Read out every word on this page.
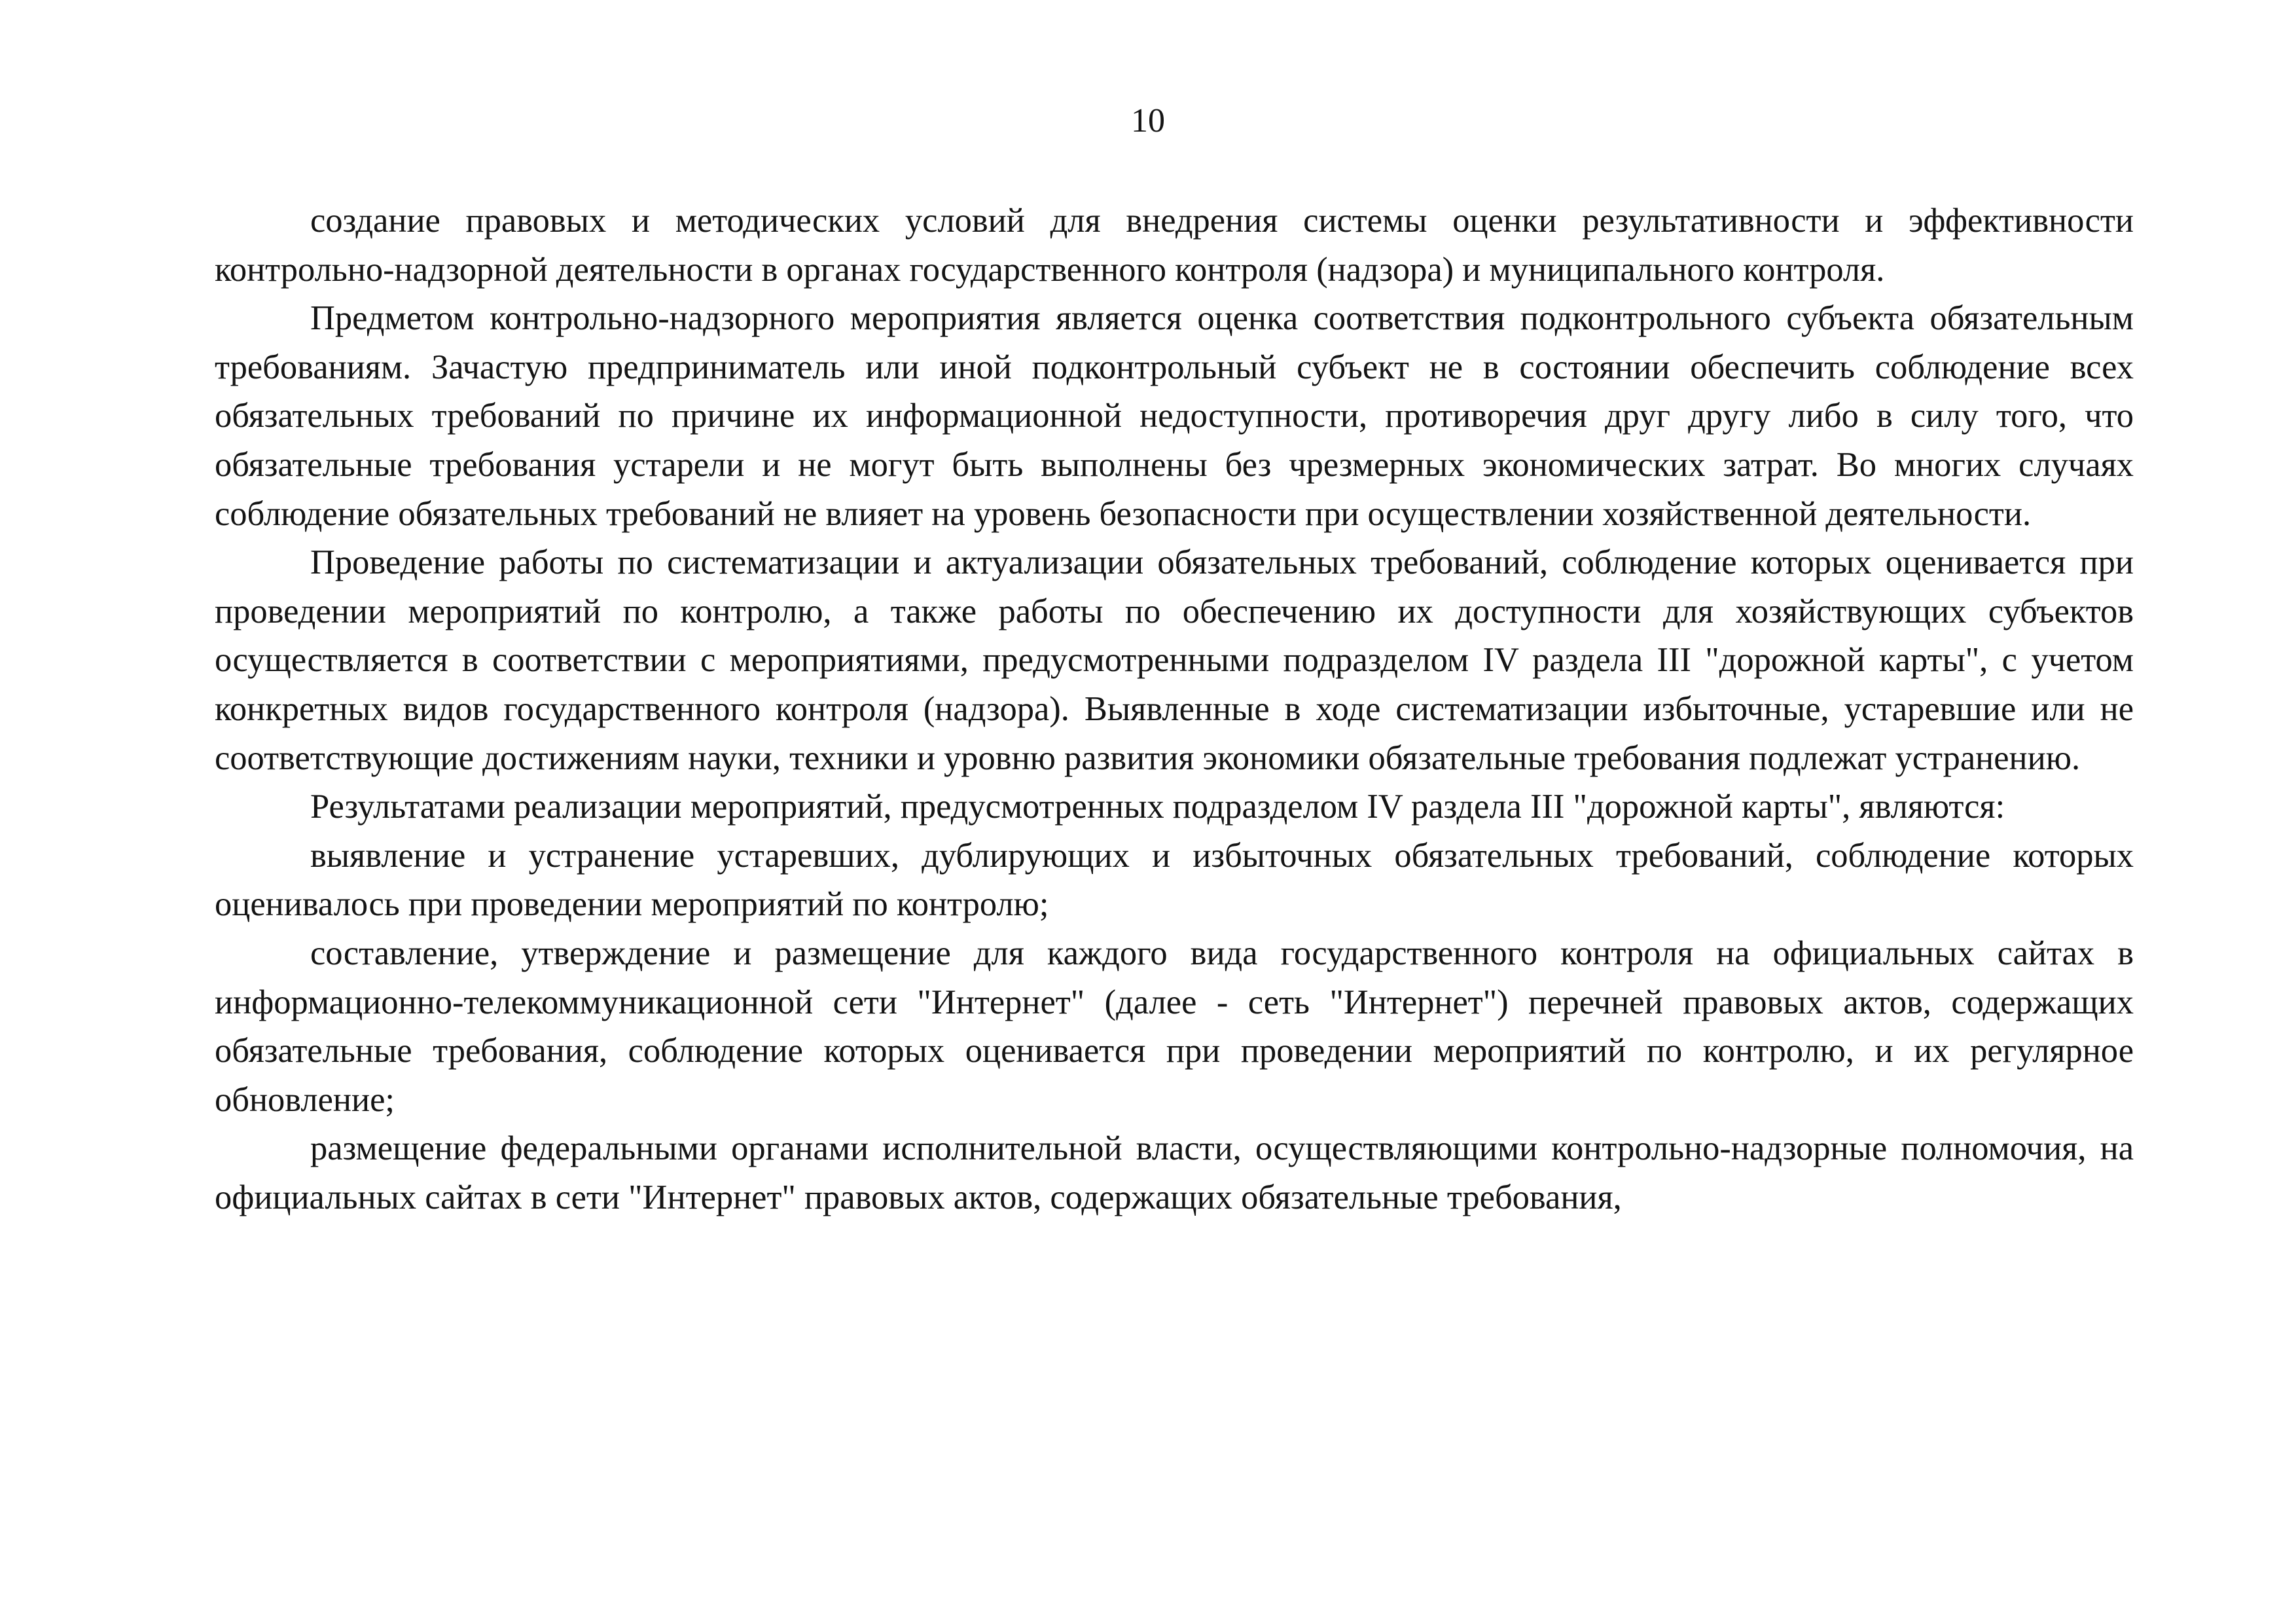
10

создание правовых и методических условий для внедрения системы оценки результативности и эффективности контрольно-надзорной деятельности в органах государственного контроля (надзора) и муниципального контроля.

Предметом контрольно-надзорного мероприятия является оценка соответствия подконтрольного субъекта обязательным требованиям. Зачастую предприниматель или иной подконтрольный субъект не в состоянии обеспечить соблюдение всех обязательных требований по причине их информационной недоступности, противоречия друг другу либо в силу того, что обязательные требования устарели и не могут быть выполнены без чрезмерных экономических затрат. Во многих случаях соблюдение обязательных требований не влияет на уровень безопасности при осуществлении хозяйственной деятельности.

Проведение работы по систематизации и актуализации обязательных требований, соблюдение которых оценивается при проведении мероприятий по контролю, а также работы по обеспечению их доступности для хозяйствующих субъектов осуществляется в соответствии с мероприятиями, предусмотренными подразделом IV раздела III "дорожной карты", с учетом конкретных видов государственного контроля (надзора). Выявленные в ходе систематизации избыточные, устаревшие или не соответствующие достижениям науки, техники и уровню развития экономики обязательные требования подлежат устранению.

Результатами реализации мероприятий, предусмотренных подразделом IV раздела III "дорожной карты", являются:

выявление и устранение устаревших, дублирующих и избыточных обязательных требований, соблюдение которых оценивалось при проведении мероприятий по контролю;

составление, утверждение и размещение для каждого вида государственного контроля на официальных сайтах в информационно-телекоммуникационной сети "Интернет" (далее - сеть "Интернет") перечней правовых актов, содержащих обязательные требования, соблюдение которых оценивается при проведении мероприятий по контролю, и их регулярное обновление;

размещение федеральными органами исполнительной власти, осуществляющими контрольно-надзорные полномочия, на официальных сайтах в сети "Интернет" правовых актов, содержащих обязательные требования,
